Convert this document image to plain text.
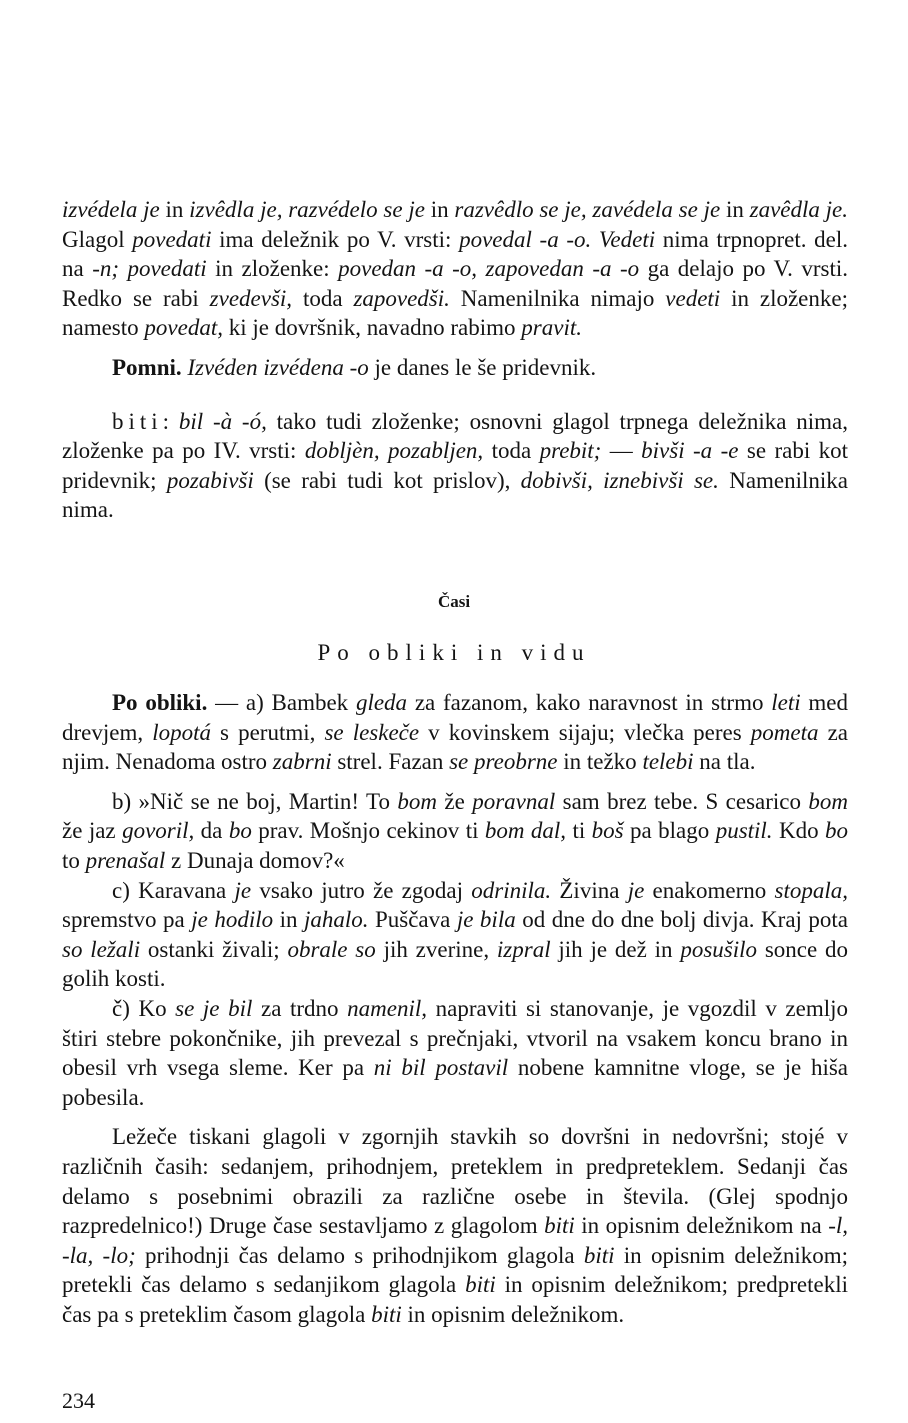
izvédela je in izvêdla je, razvédelo se je in razvêdlo se je, zavédela se je in zavêdla je. Glagol povedati ima deležnik po V. vrsti: povedal -a -o. Vedeti nima trpnopret. del. na -n; povedati in zloženke: povedan -a -o, zapovedan -a -o ga delajo po V. vrsti. Redko se rabi zvedevši, toda zapovedši. Namenilnika nimajo vedeti in zloženke; namesto povedat, ki je dovršnik, navadno rabimo pravit.

Pomni. Izvéden izvédena -o je danes le še pridevnik.

biti: bil -à -ó, tako tudi zloženke; osnovni glagol trpnega deležnika nima, zloženke pa po IV. vrsti: dobljèn, pozabljen, toda prebit; — bivši -a -e se rabi kot pridevnik; pozabivši (se rabi tudi kot prislov), dobivši, iznebivši se. Namenilnika nima.

Časi
Po obliki in vidu

Po obliki. — a) Bambek gleda za fazanom, kako naravnost in strmo leti med drevjem, lopotá s perutmi, se leskeče v kovinskem sijaju; vlečka peres pometa za njim. Nenadoma ostro zabrni strel. Fazan se preobrne in težko telebi na tla.

b) »Nič se ne boj, Martin! To bom že poravnal sam brez tebe. S cesarico bom že jaz govoril, da bo prav. Mošnjo cekinov ti bom dal, ti boš pa blago pustil. Kdo bo to prenašal z Dunaja domov?«

c) Karavana je vsako jutro že zgodaj odrinila. Živina je enakomerno stopala, spremstvo pa je hodilo in jahalo. Puščava je bila od dne do dne bolj divja. Kraj pota so ležali ostanki živali; obrale so jih zverine, izpral jih je dež in posušilo sonce do golih kosti.

č) Ko se je bil za trdno namenil, napraviti si stanovanje, je vgozdil v zemljo štiri stebre pokončnike, jih prevezal s prečnjaki, vtvoril na vsakem koncu brano in obesil vrh vsega sleme. Ker pa ni bil postavil nobene kamnitne vloge, se je hiša pobesila.

Ležeče tiskani glagoli v zgornjih stavkih so dovršni in nedovršni; stojé v različnih časih: sedanjem, prihodnjem, preteklem in predpreteklem. Sedanji čas delamo s posebnimi obrazili za različne osebe in števila. (Glej spodnjo razpredelnico!) Druge čase sestavljamo z glagolom biti in opisnim deležnikom na -l, -la, -lo; prihodnji čas delamo s prihodnjikom glagola biti in opisnim deležnikom; pretekli čas delamo s sedanjikom glagola biti in opisnim deležnikom; predpretekli čas pa s preteklim časom glagola biti in opisnim deležnikom.

234
